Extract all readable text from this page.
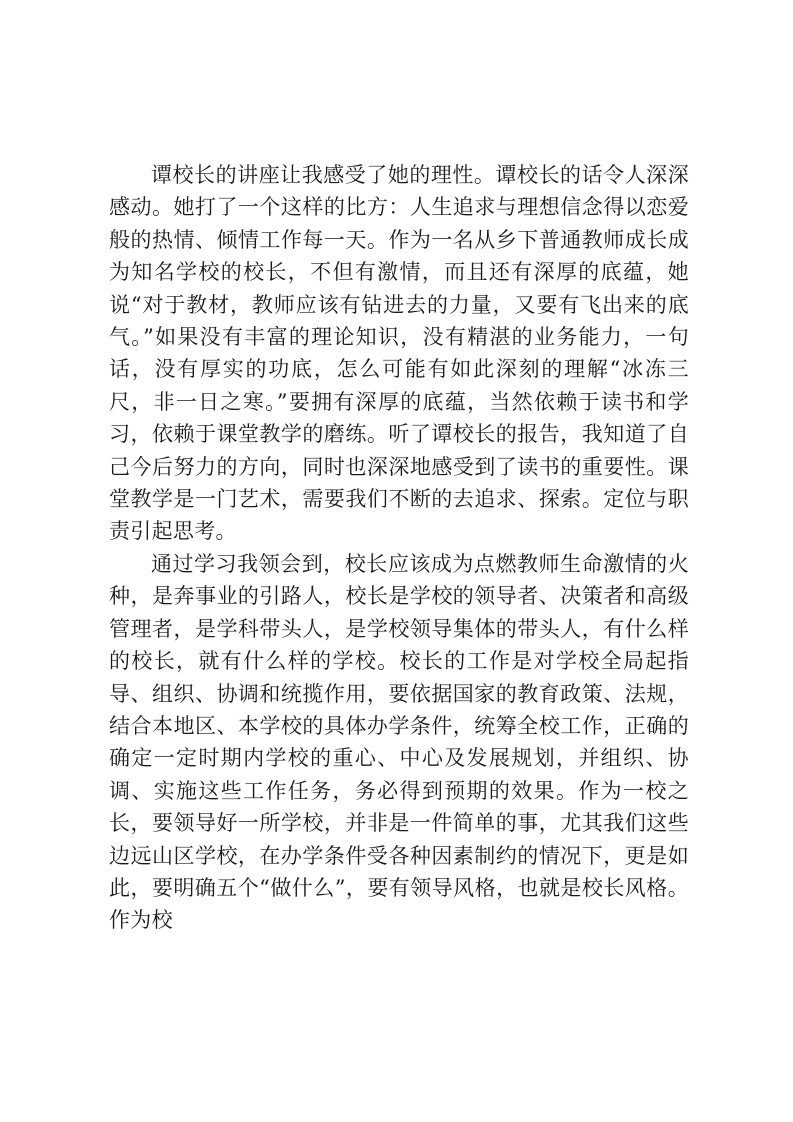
谭校长的讲座让我感受了她的理性。谭校长的话令人深深感动。她打了一个这样的比方：人生追求与理想信念得以恋爱般的热情、倾情工作每一天。作为一名从乡下普通教师成长成为知名学校的校长，不但有激情，而且还有深厚的底蕴，她说“对于教材，教师应该有钻进去的力量，又要有飞出来的底气。”如果没有丰富的理论知识，没有精湛的业务能力，一句话，没有厚实的功底，怎么可能有如此深刻的理解“冰冻三尺，非一日之寒。”要拥有深厚的底蕴，当然依赖于读书和学习，依赖于课堂教学的磨练。听了谭校长的报告，我知道了自己今后努力的方向，同时也深深地感受到了读书的重要性。课堂教学是一门艺术，需要我们不断的去追求、探索。定位与职责引起思考。

通过学习我领会到，校长应该成为点燃教师生命激情的火种，是奔事业的引路人，校长是学校的领导者、决策者和高级管理者，是学科带头人，是学校领导集体的带头人，有什么样的校长，就有什么样的学校。校长的工作是对学校全局起指导、组织、协调和统揽作用，要依据国家的教育政策、法规，结合本地区、本学校的具体办学条件，统筹全校工作，正确的确定一定时期内学校的重心、中心及发展规划，并组织、协调、实施这些工作任务，务必得到预期的效果。作为一校之长，要领导好一所学校，并非是一件简单的事，尤其我们这些边远山区学校，在办学条件受各种因素制约的情况下，更是如此，要明确五个“做什么”，要有领导风格，也就是校长风格。作为校
